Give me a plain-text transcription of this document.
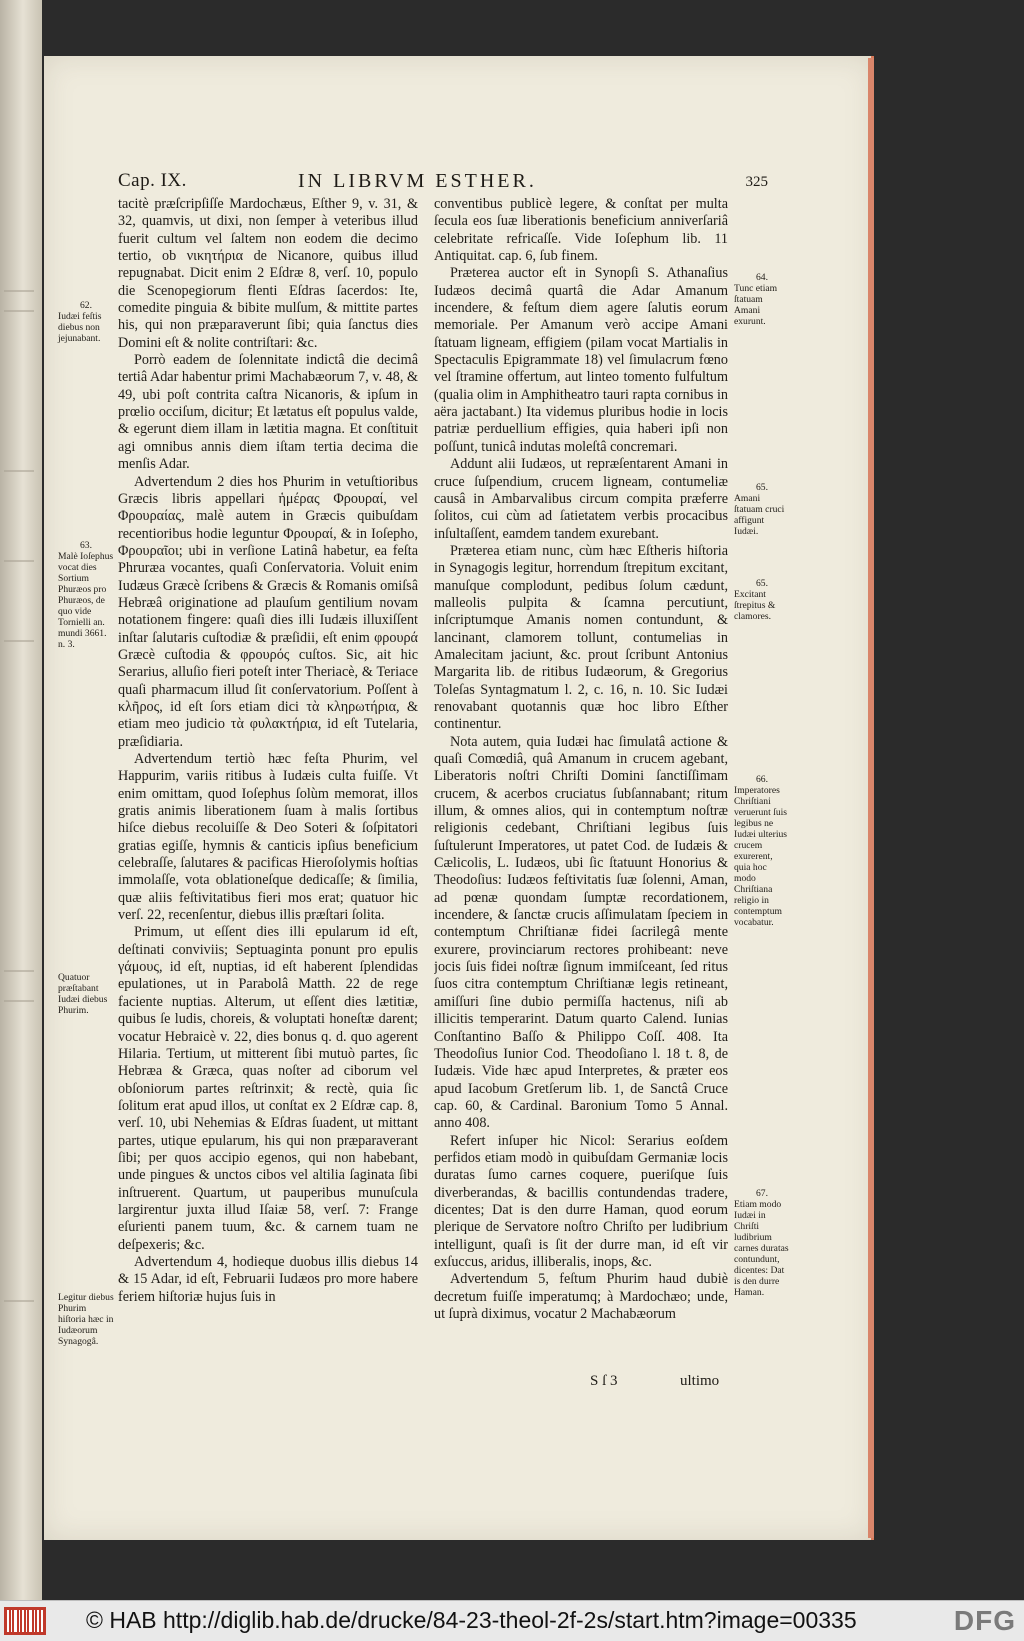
Cap. IX.	IN LIBRVM ESTHER.	325

tacitè præſcripſiſſe Mardochæus, Eſther 9, v. 31, & 32, quamvis, ut dixi, non ſemper à veteribus illud fuerit cultum vel ſaltem non eodem die decimo tertio, ob νικητήρια de Nicanore, quibus illud repugnabat. Dicit enim 2 Eſdræ 8, verſ. 10, populo die Scenopegiorum flenti Eſdras ſacerdos: Ite, comedite pinguia & bibite mulſum, & mittite partes his, qui non præparaverunt ſibi; quia ſanctus dies Domini eſt & nolite contriſtari: &c.

Porrò eadem de ſolennitate indictâ die decimâ tertiâ Adar habentur primi Machabæorum 7, v. 48, & 49, ubi poſt contrita caſtra Nicanoris, & ipſum in prœlio occiſum, dicitur; Et lætatus eſt populus valde, & egerunt diem illam in lætitia magna. Et conſtituit agi omnibus annis diem iſtam tertia decima die menſis Adar.

Advertendum 2 dies hos Phurim in vetuſtioribus Græcis libris appellari ἡμέρας Φρουραί, vel Φρουραίας, malè autem in Græcis quibuſdam recentioribus hodie leguntur Φρουραί, & in Ioſepho, Φρουραῖοι; ubi in verſione Latinâ habetur, ea feſta Phruræa vocantes, quaſi Conſervatoria. Voluit enim Iudæus Græcè ſcribens & Græcis & Romanis omiſsâ Hebræâ originatione ad plauſum gentilium novam notationem fingere: quaſi dies illi Iudæis illuxiſſent inſtar ſalutaris cuſtodiæ & præſidii, eſt enim φρουρά Græcè cuſtodia & φρουρός cuſtos. Sic, ait hic Serarius, alluſio fieri poteſt inter Theriacè, & Teriace quaſi pharmacum illud ſit conſervatorium. Poſſent à κλῆρος, id eſt ſors etiam dici τὰ κληρωτήρια, & etiam meo judicio τὰ φυλακτήρια, id eſt Tutelaria, præſidiaria.

Advertendum tertiò hæc feſta Phurim, vel Happurim, variis ritibus à Iudæis culta fuiſſe. Vt enim omittam, quod Ioſephus ſolùm memorat, illos gratis animis liberationem ſuam à malis ſortibus hiſce diebus recoluiſſe & Deo Soteri & ſoſpitatori gratias egiſſe, hymnis & canticis ipſius beneficium celebraſſe, ſalutares & pacificas Hieroſolymis hoſtias immolaſſe, vota oblationeſque dedicaſſe; & ſimilia, quæ aliis feſtivitatibus fieri mos erat; quatuor hic verſ. 22, recenſentur, diebus illis præſtari ſolita.

Primum, ut eſſent dies illi epularum id eſt, deſtinati conviviis; Septuaginta ponunt pro epulis γάμους, id eſt, nuptias, id eſt haberent ſplendidas epulationes, ut in Parabolâ Matth. 22 de rege faciente nuptias. Alterum, ut eſſent dies lætitiæ, quibus ſe ludis, choreis, & voluptati honeſtæ darent; vocatur Hebraicè v. 22, dies bonus q. d. quo agerent Hilaria. Tertium, ut mitterent ſibi mutuò partes, ſic Hebræa & Græca, quas noſter ad ciborum vel obſoniorum partes reſtrinxit; & rectè, quia ſic ſolitum erat apud illos, ut conſtat ex 2 Eſdræ cap. 8, verſ. 10, ubi Nehemias & Eſdras ſuadent, ut mittant partes, utique epularum, his qui non præparaverant ſibi; per quos accipio egenos, qui non habebant, unde pingues & unctos cibos vel altilia ſaginata ſibi inſtruerent. Quartum, ut pauperibus munuſcula largirentur juxta illud Iſaiæ 58, verſ. 7: Frange eſurienti panem tuum, &c. & carnem tuam ne deſpexeris; &c.

Advertendum 4, hodieque duobus illis diebus 14 & 15 Adar, id eſt, Februarii Iudæos pro more habere feriem hiſtoriæ hujus ſuis in

conventibus publicè legere, & conſtat per multa ſecula eos ſuæ liberationis beneficium anniverſariâ celebritate refricaſſe. Vide Ioſephum lib. 11 Antiquitat. cap. 6, ſub finem.

Præterea auctor eſt in Synopſi S. Athanaſius Iudæos decimâ quartâ die Adar Amanum incendere, & feſtum diem agere ſalutis eorum memoriale. Per Amanum verò accipe Amani ſtatuam ligneam, effigiem (pilam vocat Martialis in Spectaculis Epigrammate 18) vel ſimulacrum fœno vel ſtramine offertum, aut linteo tomento fulfultum (qualia olim in Amphitheatro tauri rapta cornibus in aëra jactabant.) Ita videmus pluribus hodie in locis patriæ perduellium effigies, quia haberi ipſi non poſſunt, tunicâ indutas moleſtâ concremari.

Addunt alii Iudæos, ut repræſentarent Amani in cruce ſuſpendium, crucem ligneam, contumeliæ causâ in Ambarvalibus circum compita præferre ſolitos, cui cùm ad ſatietatem verbis procacibus inſultaſſent, eamdem tandem exurebant.

Præterea etiam nunc, cùm hæc Eſtheris hiſtoria in Synagogis legitur, horrendum ſtrepitum excitant, manuſque complodunt, pedibus ſolum cædunt, malleolis pulpita & ſcamna percutiunt, inſcriptumque Amanis nomen contundunt, & lancinant, clamorem tollunt, contumelias in Amalecitam jaciunt, &c. prout ſcribunt Antonius Margarita lib. de ritibus Iudæorum, & Gregorius Toleſas Syntagmatum l. 2, c. 16, n. 10. Sic Iudæi renovabant quotannis quæ hoc libro Eſther continentur.

Nota autem, quia Iudæi hac ſimulatâ actione & quaſi Comœdiâ, quâ Amanum in crucem agebant, Liberatoris noſtri Chriſti Domini ſanctiſſimam crucem, & acerbos cruciatus ſubſannabant; ritum illum, & omnes alios, qui in contemptum noſtræ religionis cedebant, Chriſtiani legibus ſuis ſuſtulerunt Imperatores, ut patet Cod. de Iudæis & Cælicolis, L. Iudæos, ubi ſic ſtatuunt Honorius & Theodoſius: Iudæos feſtivitatis ſuæ ſolenni, Aman, ad pœnæ quondam ſumptæ recordationem, incendere, & ſanctæ crucis aſſimulatam ſpeciem in contemptum Chriſtianæ fidei ſacrilegâ mente exurere, provinciarum rectores prohibeant: neve jocis ſuis fidei noſtræ ſignum immiſceant, ſed ritus ſuos citra contemptum Chriſtianæ legis retineant, amiſſuri ſine dubio permiſſa hactenus, niſi ab illicitis temperarint. Datum quarto Calend. Iunias Conſtantino Baſſo & Philippo Coſſ. 408. Ita Theodoſius Iunior Cod. Theodoſiano l. 18 t. 8, de Iudæis. Vide hæc apud Interpretes, & præter eos apud Iacobum Gretſerum lib. 1, de Sanctâ Cruce cap. 60, & Cardinal. Baronium Tomo 5 Annal. anno 408.

Refert inſuper hic Nicol: Serarius eoſdem perfidos etiam modò in quibuſdam Germaniæ locis duratas ſumo carnes coquere, pueriſque ſuis diverberandas, & bacillis contundendas tradere, dicentes; Dat is den durre Haman, quod eorum plerique de Servatore noſtro Chriſto per ludibrium intelligunt, quaſi is ſit der durre man, id eſt vir exſuccus, aridus, illiberalis, inops, &c.

Advertendum 5, feſtum Phurim haud dubiè decretum fuiſſe imperatumq; à Mardochæo; unde, ut ſuprà diximus, vocatur 2 Machabæorum

62.
Iudæi feſtis diebus non jejunabant.
63.
Malè Ioſephus vocat dies Sortium Phuræos pro Phuræos, de quo vide Tornielli an. mundi 3661. n. 3.
Quatuor præſtabant Iudæi diebus Phurim.
Legitur diebus Phurim hiſtoria hæc in Iudæorum Synagogâ.
64.
Tunc etiam ſtatuam Amani exurunt.
65.
Amani ſtatuam cruci affigunt Iudæi.
65.
Excitant ſtrepitus & clamores.
66.
Imperatores Chriſtiani veruerunt ſuis legibus ne Iudæi ulterius crucem exurerent, quia hoc modo Chriſtiana religio in contemptum vocabatur.
67.
Etiam modo Iudæi in Chriſti ludibrium carnes duratas contundunt, dicentes: Dat is den durre Haman.
S ſ 3	ultimo
© HAB http://diglib.hab.de/drucke/84-23-theol-2f-2s/start.htm?image=00335	DFG
